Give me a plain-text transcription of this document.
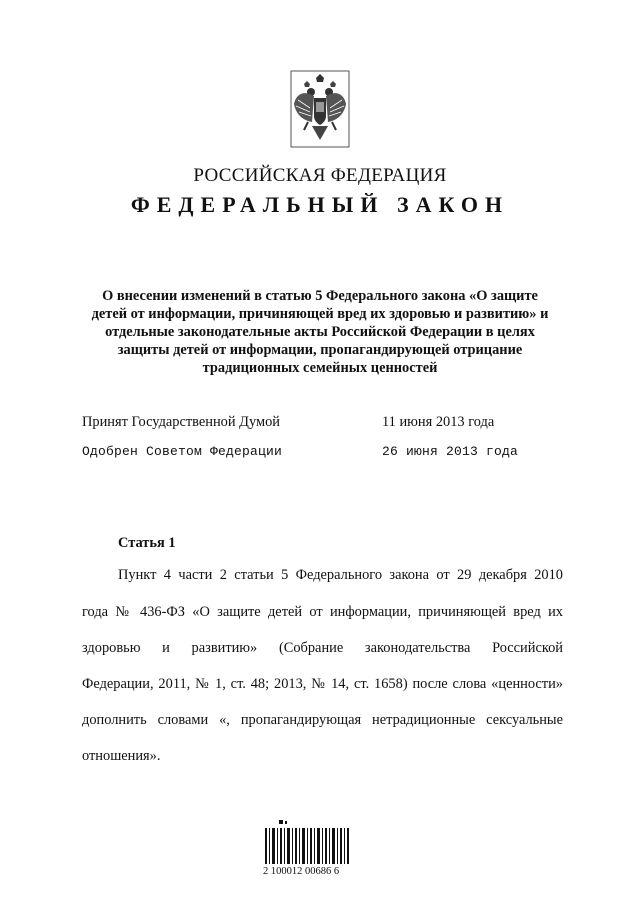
РОССИЙСКАЯ ФЕДЕРАЦИЯ
ФЕДЕРАЛЬНЫЙ ЗАКОН
О внесении изменений в статью 5 Федерального закона «О защите
детей от информации, причиняющей вред их здоровью и развитию» и
отдельные законодательные акты Российской Федерации в целях
защиты детей от информации, пропагандирующей отрицание
традиционных семейных ценностей
Принят Государственной Думой	11 июня 2013 года
Одобрен Советом Федерации	26 июня 2013 года
Статья 1
Пункт 4 части 2 статьи 5 Федерального закона от 29 декабря 2010
года № 436-ФЗ «О защите детей от информации, причиняющей вред их
здоровью и развитию» (Собрание законодательства Российской
Федерации, 2011, № 1, ст. 48; 2013, № 14, ст. 1658) после слова «ценности»
дополнить словами «, пропагандирующая нетрадиционные сексуальные
отношения».
2 100012 00686 6
